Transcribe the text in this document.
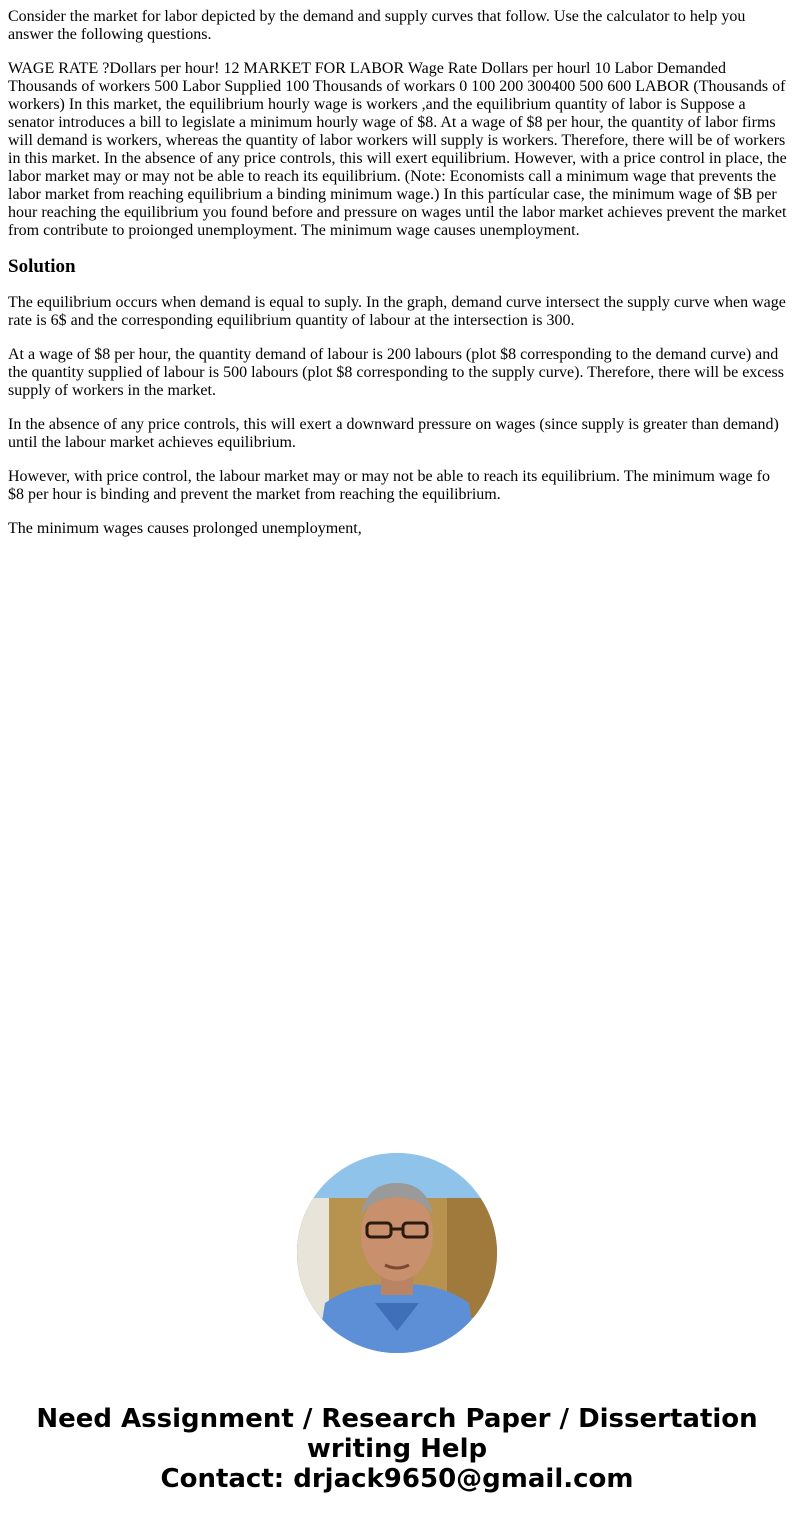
Consider the market for labor depicted by the demand and supply curves that follow. Use the calculator to help you answer the following questions.

WAGE RATE ?Dollars per hour! 12 MARKET FOR LABOR Wage Rate Dollars per hourl 10 Labor Demanded Thousands of workers 500 Labor Supplied 100 Thousands of workars 0 100 200 300400 500 600 LABOR (Thousands of workers) In this market, the equilibrium hourly wage is workers ,and the equilibrium quantity of labor is Suppose a senator introduces a bill to legislate a minimum hourly wage of $8. At a wage of $8 per hour, the quantity of labor firms will demand is workers, whereas the quantity of labor workers will supply is workers. Therefore, there will be of workers in this market. In the absence of any price controls, this will exert equilibrium. However, with a price control in place, the labor market may or may not be able to reach its equilibrium. (Note: Economists call a minimum wage that prevents the labor market from reaching equilibrium a binding minimum wage.) In this partícular case, the minimum wage of $B per hour reaching the equilibrium you found before and pressure on wages until the labor market achieves prevent the market from contribute to proionged unemployment. The minimum wage causes unemployment.

Solution

The equilibrium occurs when demand is equal to suply. In the graph, demand curve intersect the supply curve when wage rate is 6$ and the corresponding equilibrium quantity of labour at the intersection is 300.

At a wage of $8 per hour, the quantity demand of labour is 200 labours (plot $8 corresponding to the demand curve) and the quantity supplied of labour is 500 labours (plot $8 corresponding to the supply curve). Therefore, there will be excess supply of workers in the market.

In the absence of any price controls, this will exert a downward pressure on wages (since supply is greater than demand) until the labour market achieves equilibrium.

However, with price control, the labour market may or may not be able to reach its equilibrium. The minimum wage fo $8 per hour is binding and prevent the market from reaching the equilibrium.

The minimum wages causes prolonged unemployment,

Need Assignment / Research Paper / Dissertation
writing Help
Contact: drjack9650@gmail.com
